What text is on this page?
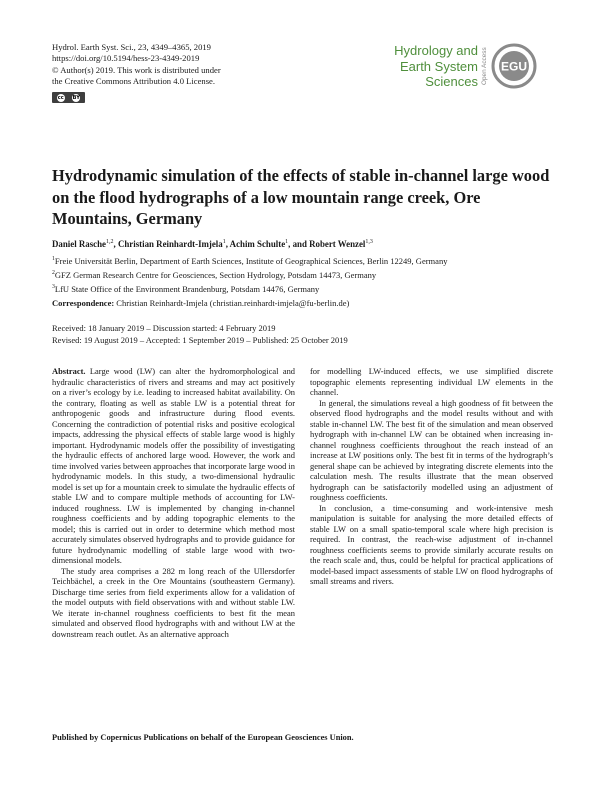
Hydrol. Earth Syst. Sci., 23, 4349–4365, 2019
https://doi.org/10.5194/hess-23-4349-2019
© Author(s) 2019. This work is distributed under
the Creative Commons Attribution 4.0 License.
cc BY
Hydrology and
Earth System
Sciences Open Access EGU
Hydrodynamic simulation of the effects of stable in-channel large wood on the flood hydrographs of a low mountain range creek, Ore Mountains, Germany
Daniel Rasche$^{1,2}$, Christian Reinhardt-Imjela$^1$, Achim Schulte$^1$, and Robert Wenzel$^{1,3}$
$^1$Freie Universität Berlin, Department of Earth Sciences, Institute of Geographical Sciences, Berlin 12249, Germany
$^2$GFZ German Research Centre for Geosciences, Section Hydrology, Potsdam 14473, Germany
$^3$LfU State Office of the Environment Brandenburg, Potsdam 14476, Germany
Correspondence: Christian Reinhardt-Imjela (christian.reinhardt-imjela@fu-berlin.de)
Received: 18 January 2019 – Discussion started: 4 February 2019
Revised: 19 August 2019 – Accepted: 1 September 2019 – Published: 25 October 2019

Abstract. Large wood (LW) can alter the hydromorphological and hydraulic characteristics of rivers and streams and may act positively on a river’s ecology by i.e. leading to increased habitat availability. On the contrary, floating as well as stable LW is a potential threat for anthropogenic goods and infrastructure during flood events. Concerning the contradiction of potential risks and positive ecological impacts, addressing the physical effects of stable large wood is highly important. Hydrodynamic models offer the possibility of investigating the hydraulic effects of anchored large wood. However, the work and time involved varies between approaches that incorporate large wood in hydrodynamic models. In this study, a two-dimensional hydraulic model is set up for a mountain creek to simulate the hydraulic effects of stable LW and to compare multiple methods of accounting for LW-induced roughness. LW is implemented by changing in-channel roughness coefficients and by adding topographic elements to the model; this is carried out in order to determine which method most accurately simulates observed hydrographs and to provide guidance for future hydrodynamic modelling of stable large wood with two-dimensional models.

The study area comprises a 282 m long reach of the Ullersdorfer Teichbächel, a creek in the Ore Mountains (southeastern Germany). Discharge time series from field experiments allow for a validation of the model outputs with field observations with and without stable LW. We iterate in-channel roughness coefficients to best fit the mean simulated and observed flood hydrographs with and without LW at the downstream reach outlet. As an alternative approach

for modelling LW-induced effects, we use simplified discrete topographic elements representing individual LW elements in the channel.

In general, the simulations reveal a high goodness of fit between the observed flood hydrographs and the model results without and with stable in-channel LW. The best fit of the simulation and mean observed hydrograph with in-channel LW can be obtained when increasing in-channel roughness coefficients throughout the reach instead of an increase at LW positions only. The best fit in terms of the hydrograph’s general shape can be achieved by integrating discrete elements into the calculation mesh. The results illustrate that the mean observed hydrograph can be satisfactorily modelled using an adjustment of roughness coefficients.

In conclusion, a time-consuming and work-intensive mesh manipulation is suitable for analysing the more detailed effects of stable LW on a small spatio-temporal scale where high precision is required. In contrast, the reach-wise adjustment of in-channel roughness coefficients seems to provide similarly accurate results on the reach scale and, thus, could be helpful for practical applications of model-based impact assessments of stable LW on flood hydrographs of small streams and rivers.

Published by Copernicus Publications on behalf of the European Geosciences Union.
